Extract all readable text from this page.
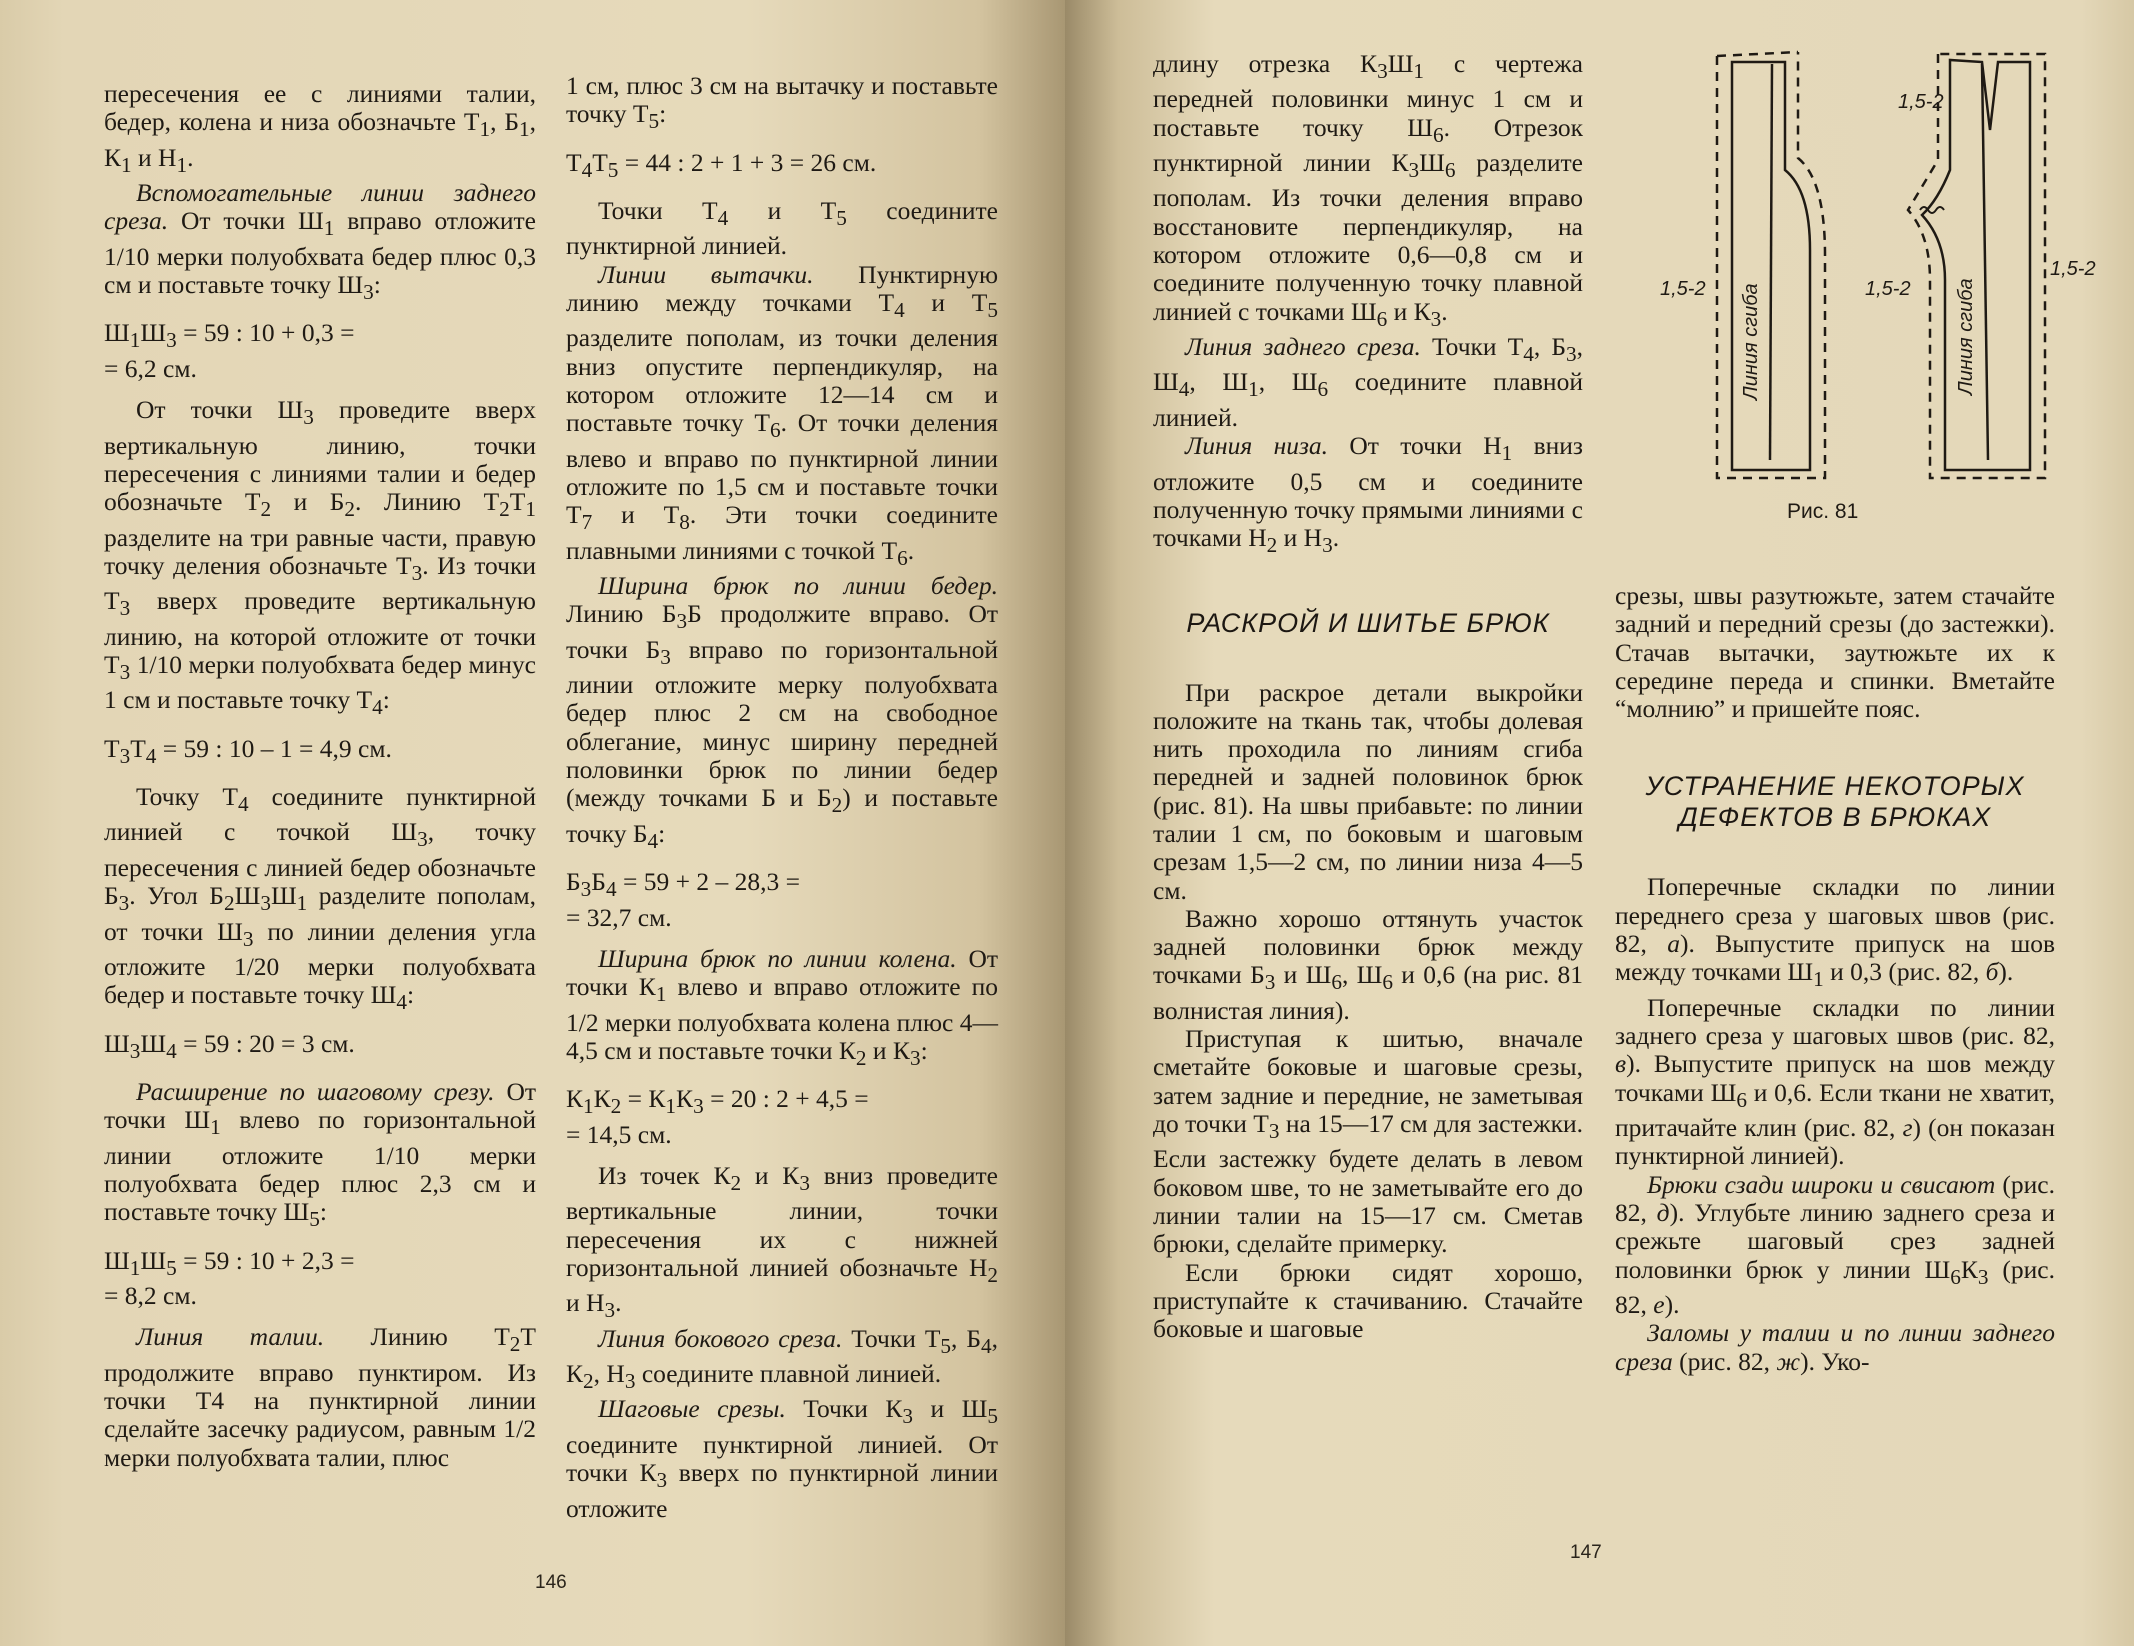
пересечения ее с линиями талии, бедер, колена и низа обозначьте $Т_1$, $Б_1$, $К_1$ и $Н_1$.

Вспомогательные линии заднего среза. От точки $Ш_1$ вправо отложите 1/10 мерки полуобхвата бедер плюс 0,3 см и поставьте точку $Ш_3$:

$Ш_1Ш_3 = 59$ : 10 + 0,3 =
= 6,2 см.

От точки $Ш_3$ проведите вверх вертикальную линию, точки пересечения с линиями талии и бедер обозначьте $Т_2$ и $Б_2$. Линию $Т_2Т_1$ разделите на три равные части, правую точку деления обозначьте $Т_3$. Из точки $Т_3$ вверх проведите вертикальную линию, на которой отложите от точки $Т_3$ 1/10 мерки полуобхвата бедер минус 1 см и поставьте точку $Т_4$:

$Т_3Т_4 = 59$ : 10 – 1 = 4,9 см.

Точку $Т_4$ соедините пунктирной линией с точкой $Ш_3$, точку пересечения с линией бедер обозначьте $Б_3$. Угол $Б_2Ш_3Ш_1$ разделите пополам, от точки $Ш_3$ по линии деления угла отложите 1/20 мерки полуобхвата бедер и поставьте точку $Ш_4$:

$Ш_3Ш_4 = 59$ : 20 = 3 см.

Расширение по шаговому срезу. От точки $Ш_1$ влево по горизонтальной линии отложите 1/10 мерки полуобхвата бедер плюс 2,3 см и поставьте точку $Ш_5$:

$Ш_1Ш_5 = 59$ : 10 + 2,3 =
= 8,2 см.

Линия талии. Линию $Т_2Т$ продолжите вправо пунктиром. Из точки Т4 на пунктирной линии сделайте засечку радиусом, равным 1/2 мерки полуобхвата талии, плюс

1 см, плюс 3 см на вытачку и поставьте точку $Т_5$:

$Т_4Т_5 = 44$ : 2 + 1 + 3 = 26 см.

Точки $Т_4$ и $Т_5$ соедините пунктирной линией.

Линии вытачки. Пунктирную линию между точками $Т_4$ и $Т_5$ разделите пополам, из точки деления вниз опустите перпендикуляр, на котором отложите 12—14 см и поставьте точку $Т_6$. От точки деления влево и вправо по пунктирной линии отложите по 1,5 см и поставьте точки $Т_7$ и $Т_8$. Эти точки соедините плавными линиями с точкой $Т_6$.

Ширина брюк по линии бедер. Линию $Б_3Б$ продолжите вправо. От точки $Б_3$ вправо по горизонтальной линии отложите мерку полуобхвата бедер плюс 2 см на свободное облегание, минус ширину передней половинки брюк по линии бедер (между точками Б и $Б_2$) и поставьте точку $Б_4$:

$Б_3Б_4 = 59 + 2 - 28,3$ =
= 32,7 см.

Ширина брюк по линии колена. От точки $К_1$ влево и вправо отложите по 1/2 мерки полуобхвата колена плюс 4—4,5 см и поставьте точки $К_2$ и $К_3$:

$К_1К_2 = К_1К_3 = 20$ : 2 + 4,5 =
= 14,5 см.

Из точек $К_2$ и $К_3$ вниз проведите вертикальные линии, точки пересечения их с нижней горизонтальной линией обозначьте $Н_2$ и $Н_3$.

Линия бокового среза. Точки $Т_5$, $Б_4$, $К_2$, $Н_3$ соедините плавной линией.

Шаговые срезы. Точки $К_3$ и $Ш_5$ соедините пунктирной линией. От точки $К_3$ вверх по пунктирной линии отложите

146

длину отрезка $К_3Ш_1$ с чертежа передней половинки минус 1 см и поставьте точку $Ш_6$. Отрезок пунктирной линии $К_3Ш_6$ разделите пополам. Из точки деления вправо восстановите перпендикуляр, на котором отложите 0,6—0,8 см и соедините полученную точку плавной линией с точками $Ш_6$ и $К_3$.

Линия заднего среза. Точки $Т_4$, $Б_3$, $Ш_4$, $Ш_1$, $Ш_6$ соедините плавной линией.

Линия низа. От точки $Н_1$ вниз отложите 0,5 см и соедините полученную точку прямыми линиями с точками $Н_2$ и $Н_3$.

РАСКРОЙ И ШИТЬЕ БРЮК

При раскрое детали выкройки положите на ткань так, чтобы долевая нить проходила по линиям сгиба передней и задней половинок брюк (рис. 81). На швы прибавьте: по линии талии 1 см, по боковым и шаговым срезам 1,5—2 см, по линии низа 4—5 см.

Важно хорошо оттянуть участок задней половинки брюк между точками $Б_3$ и $Ш_6$, $Ш_6$ и 0,6 (на рис. 81 волнистая линия).

Приступая к шитью, вначале сметайте боковые и шаговые срезы, затем задние и передние, не заметывая до точки $Т_3$ на 15—17 см для застежки. Если застежку будете делать в левом боковом шве, то не заметывайте его до линии талии на 15—17 см. Сметав брюки, сделайте примерку.

Если брюки сидят хорошо, приступайте к стачиванию. Стачайте боковые и шаговые

срезы, швы разутюжьте, затем стачайте задний и передний срезы (до застежки). Стачав вытачки, заутюжьте их к середине переда и спинки. Вметайте “молнию” и пришейте пояс.

УСТРАНЕНИЕ НЕКОТОРЫХ ДЕФЕКТОВ В БРЮКАХ

Поперечные складки по линии переднего среза у шаговых швов (рис. 82, а). Выпустите припуск на шов между точками $Ш_1$ и 0,3 (рис. 82, б).

Поперечные складки по линии заднего среза у шаговых швов (рис. 82, в). Выпустите припуск на шов между точками $Ш_6$ и 0,6. Если ткани не хватит, притачайте клин (рис. 82, г) (он показан пунктирной линией).

Брюки сзади широки и свисают (рис. 82, д). Углубьте линию заднего среза и срежьте шаговый срез задней половинки брюк у линии $Ш_6К_3$ (рис. 82, е).

Заломы у талии и по линии заднего среза (рис. 82, ж). Уко-

1,5-2
1,5-2	1,5-2
1,5-2
Линия сгиба	Линия сгиба
Рис. 81
147
